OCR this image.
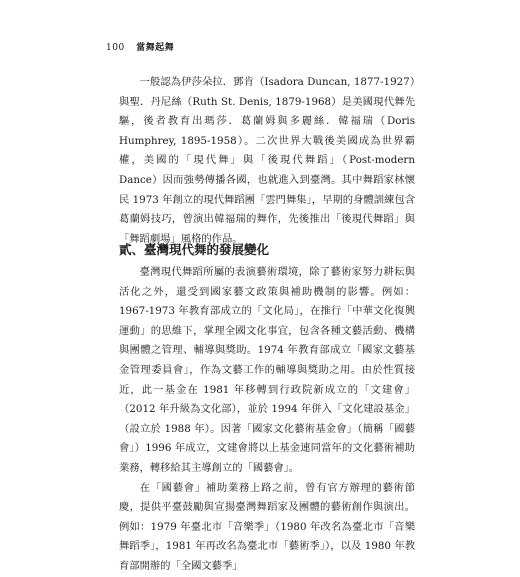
100 當舞起舞

一般認為伊莎朵拉．鄧肯（Isadora Duncan, 1877-1927）與聖．丹尼絲（Ruth St. Denis, 1879-1968）是美國現代舞先驅，後者教育出瑪莎．葛蘭姆與多麗絲．韓福瑞（Doris Humphrey, 1895-1958）。二次世界大戰後美國成為世界霸權，美國的「現代舞」與「後現代舞蹈」（Post-modern Dance）因而強勢傳播各國，也就進入到臺灣。其中舞蹈家林懷民 1973 年創立的現代舞蹈團「雲門舞集」，早期的身體訓練包含葛蘭姆技巧，曾演出韓福瑞的舞作，先後推出「後現代舞蹈」與「舞蹈劇場」風格的作品。

貳、臺灣現代舞的發展變化

臺灣現代舞蹈所屬的表演藝術環境，除了藝術家努力耕耘與活化之外，還受到國家藝文政策與補助機制的影響。例如：1967-1973 年教育部成立的「文化局」，在推行「中華文化復興運動」的思維下，掌理全國文化事宜，包含各種文藝活動、機構與團體之管理、輔導與獎助。1974 年教育部成立「國家文藝基金管理委員會」，作為文藝工作的輔導與獎助之用。由於性質接近，此一基金在 1981 年移轉到行政院新成立的「文建會」（2012 年升級為文化部），並於 1994 年併入「文化建設基金」（設立於 1988 年）。因著「國家文化藝術基金會」（簡稱「國藝會」）1996 年成立，文建會將以上基金連同當年的文化藝術補助業務，轉移給其主導創立的「國藝會」。

在「國藝會」補助業務上路之前，曾有官方辦理的藝術節慶，提供平臺鼓勵與宣揚臺灣舞蹈家及團體的藝術創作與演出。例如：1979 年臺北市「音樂季」（1980 年改名為臺北市「音樂舞蹈季」，1981 年再改名為臺北市「藝術季」），以及 1980 年教育部開辦的「全國文藝季」
